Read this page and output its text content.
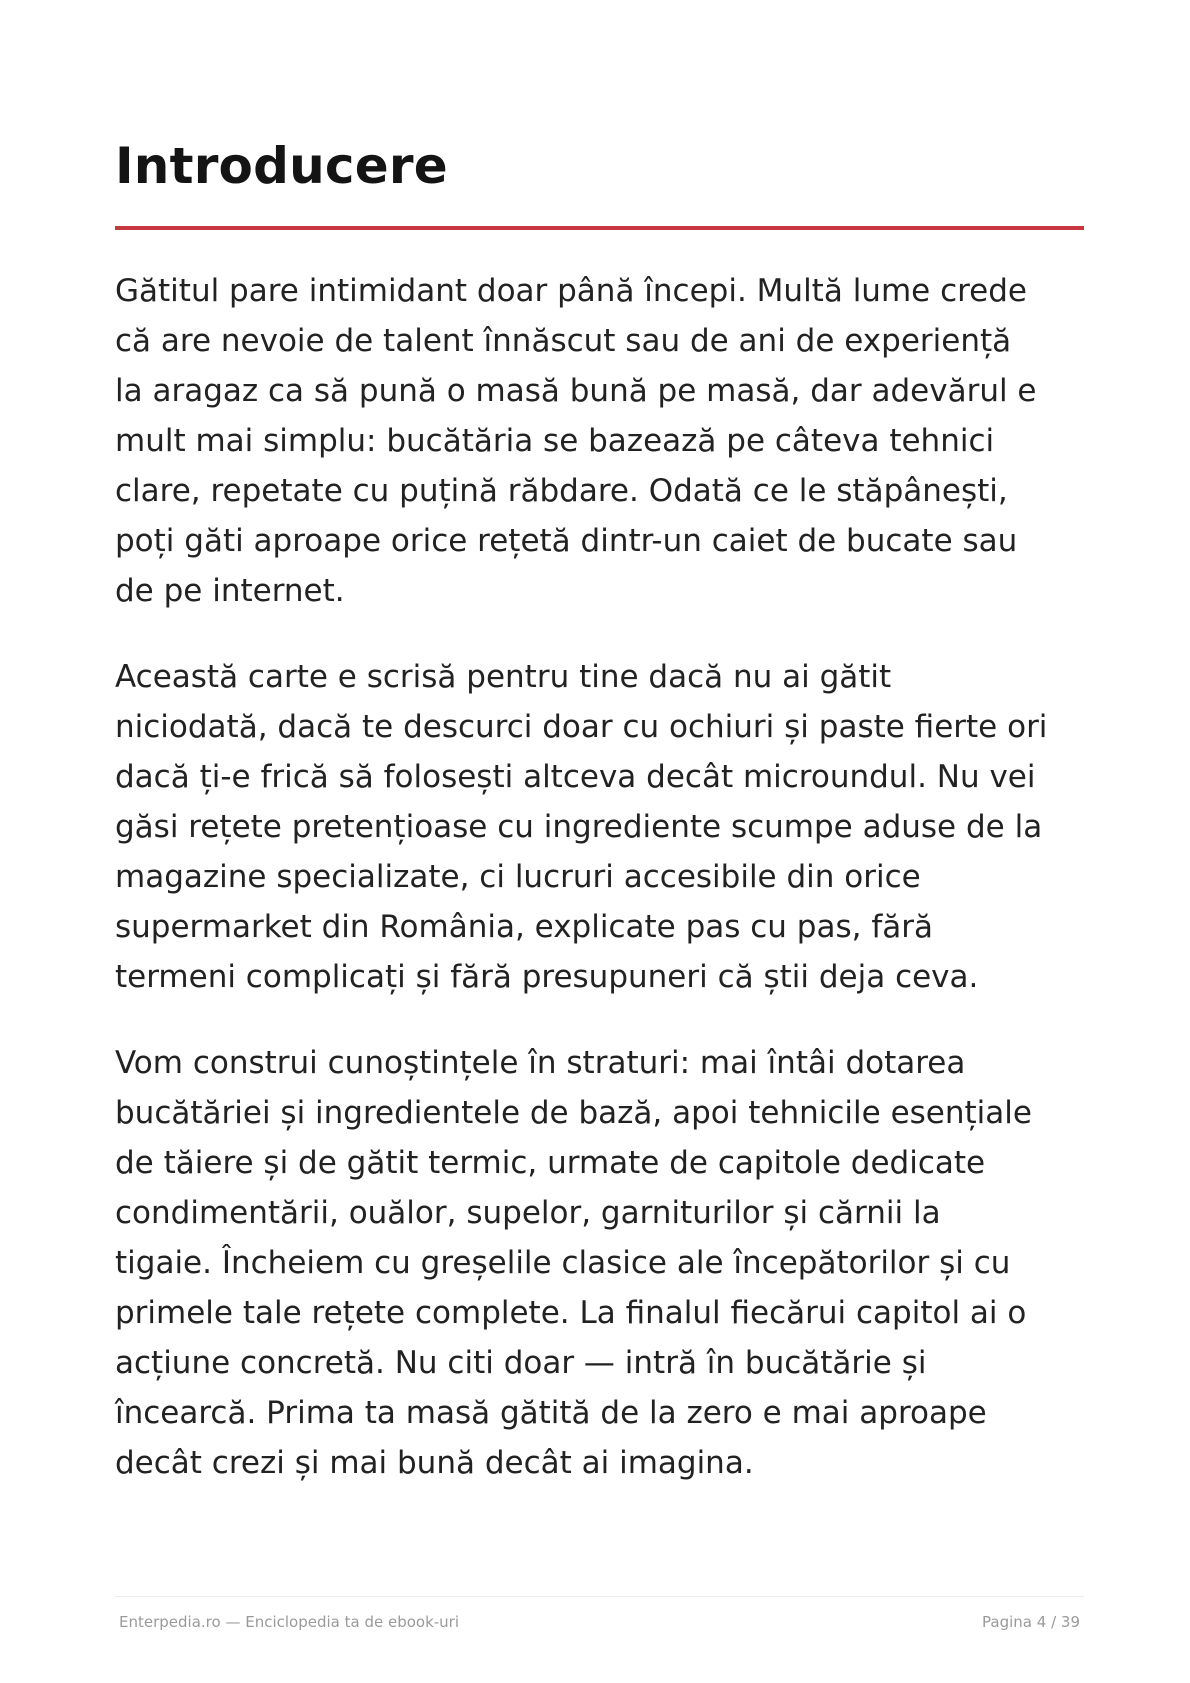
Introducere

Gătitul pare intimidant doar până începi. Multă lume crede
că are nevoie de talent înnăscut sau de ani de experiență
la aragaz ca să pună o masă bună pe masă, dar adevărul e
mult mai simplu: bucătăria se bazează pe câteva tehnici
clare, repetate cu puțină răbdare. Odată ce le stăpânești,
poți găti aproape orice rețetă dintr-un caiet de bucate sau
de pe internet.

Această carte e scrisă pentru tine dacă nu ai gătit
niciodată, dacă te descurci doar cu ochiuri și paste fierte ori
dacă ți-e frică să folosești altceva decât microundul. Nu vei
găsi rețete pretențioase cu ingrediente scumpe aduse de la
magazine specializate, ci lucruri accesibile din orice
supermarket din România, explicate pas cu pas, fără
termeni complicați și fără presupuneri că știi deja ceva.

Vom construi cunoștințele în straturi: mai întâi dotarea
bucătăriei și ingredientele de bază, apoi tehnicile esențiale
de tăiere și de gătit termic, urmate de capitole dedicate
condimentării, ouălor, supelor, garniturilor și cărnii la
tigaie. Încheiem cu greșelile clasice ale începătorilor și cu
primele tale rețete complete. La finalul fiecărui capitol ai o
acțiune concretă. Nu citi doar — intră în bucătărie și
încearcă. Prima ta masă gătită de la zero e mai aproape
decât crezi și mai bună decât ai imagina.

Enterpedia.ro — Enciclopedia ta de ebook-uri	Pagina 4 / 39
